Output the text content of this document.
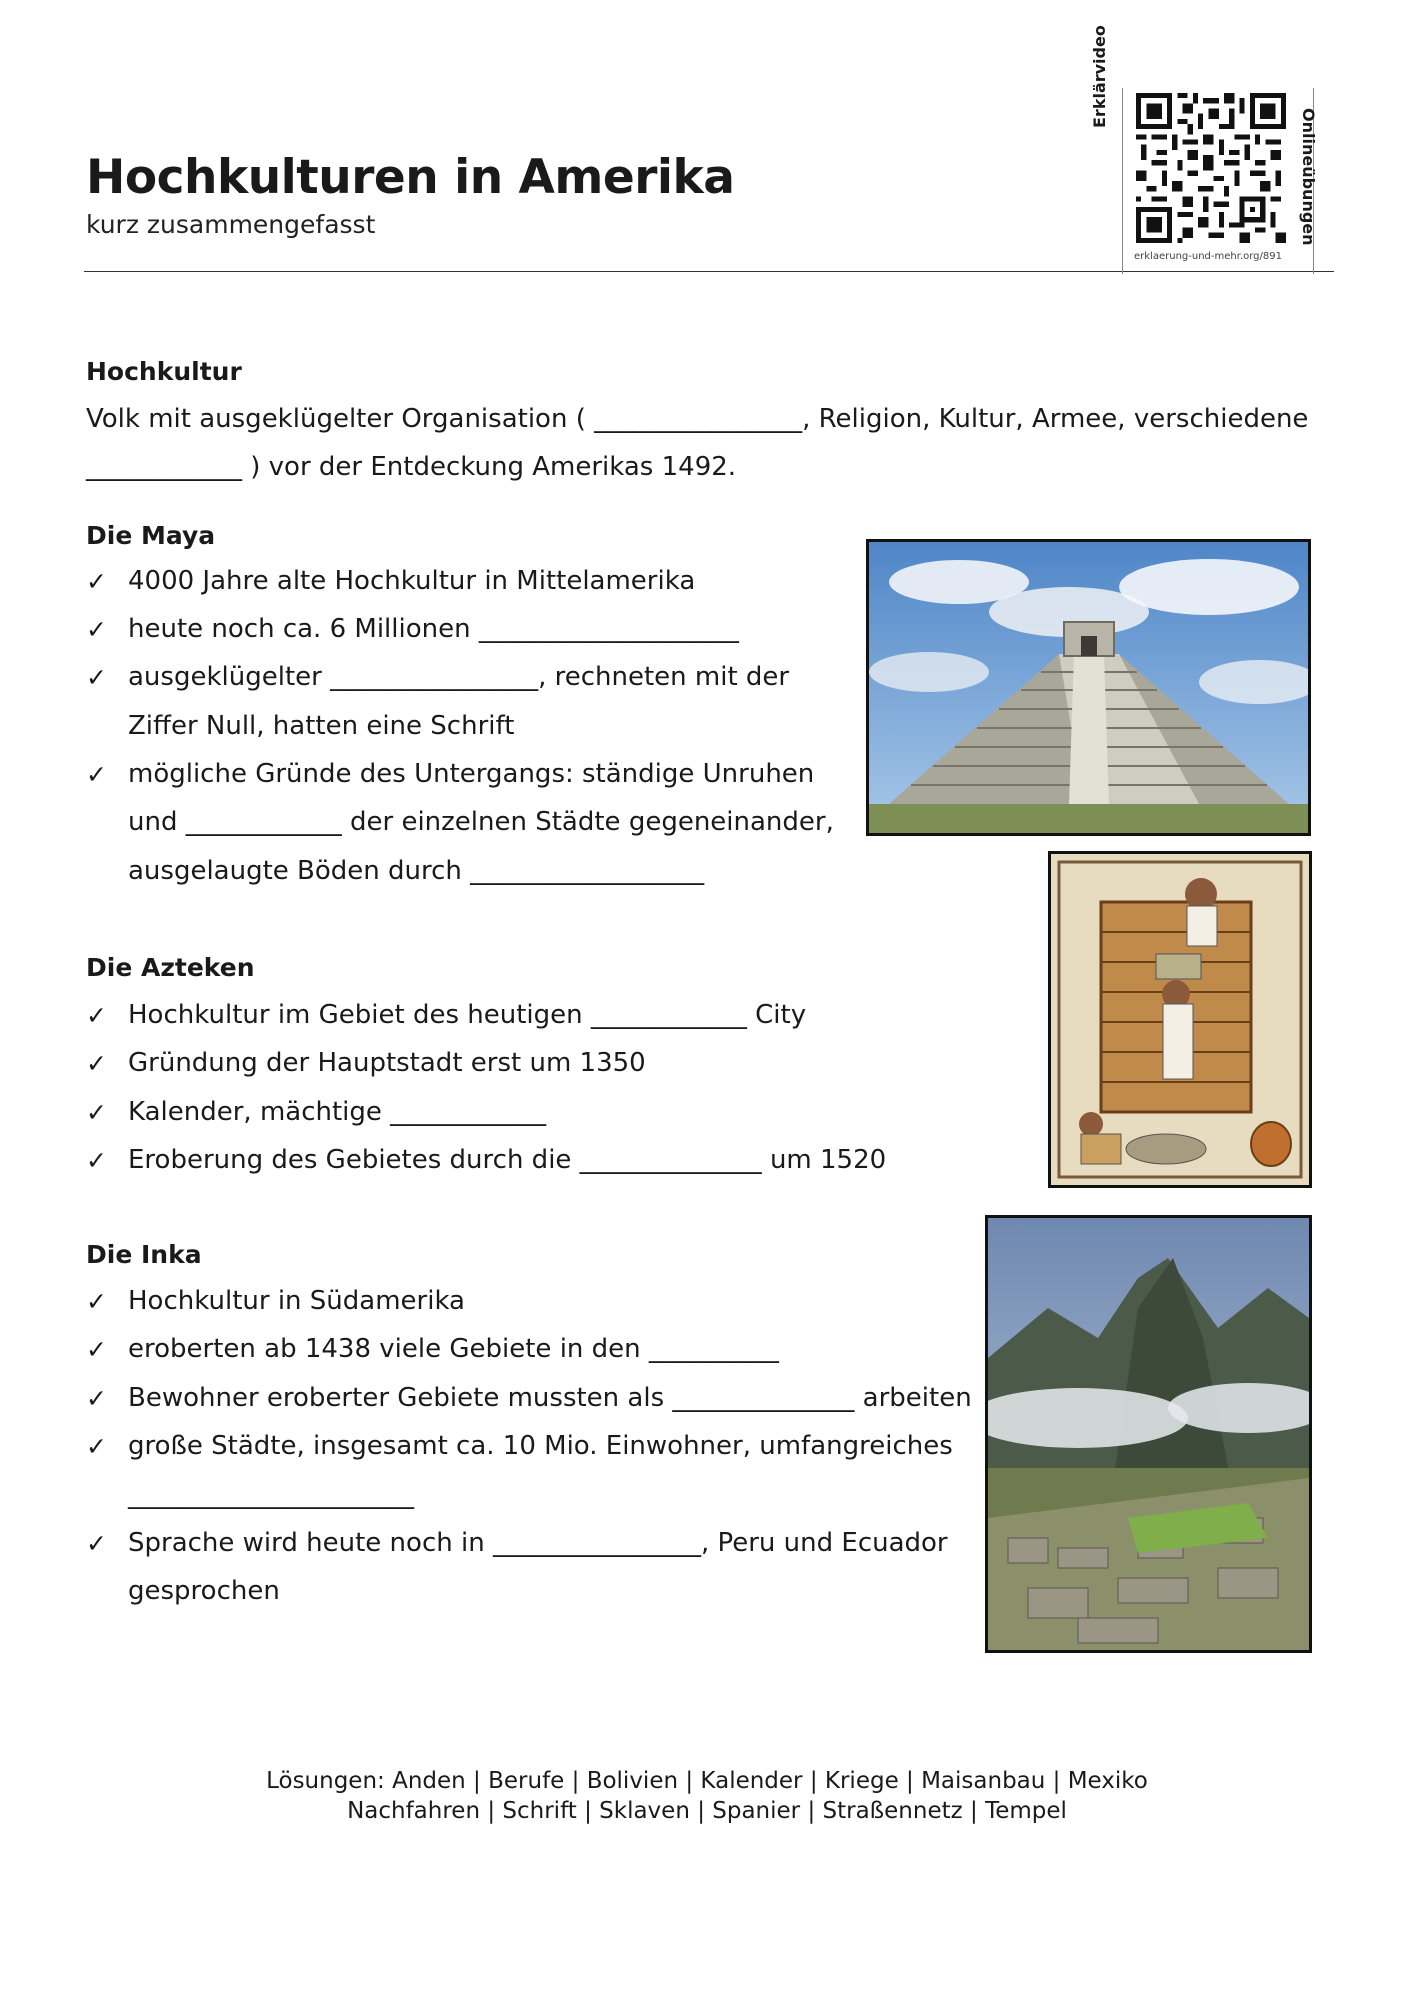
Hochkulturen in Amerika
kurz zusammengefasst
Erklärvideo
Onlineübungen
erklaerung-und-mehr.org/891
Hochkultur
Volk mit ausgeklügelter Organisation ( ________________, Religion, Kultur, Armee, verschiedene
____________ ) vor der Entdeckung Amerikas 1492.
Die Maya
✓ 4000 Jahre alte Hochkultur in Mittelamerika
✓ heute noch ca. 6 Millionen ____________________
✓ ausgeklügelter ________________, rechneten mit der
Ziffer Null, hatten eine Schrift
✓ mögliche Gründe des Untergangs: ständige Unruhen
und ____________ der einzelnen Städte gegeneinander,
ausgelaugte Böden durch __________________
Die Azteken
✓ Hochkultur im Gebiet des heutigen ____________ City
✓ Gründung der Hauptstadt erst um 1350
✓ Kalender, mächtige ____________
✓ Eroberung des Gebietes durch die ______________ um 1520
Die Inka
✓ Hochkultur in Südamerika
✓ eroberten ab 1438 viele Gebiete in den __________
✓ Bewohner eroberter Gebiete mussten als ______________ arbeiten
✓ große Städte, insgesamt ca. 10 Mio. Einwohner, umfangreiches
______________________
✓ Sprache wird heute noch in ________________, Peru und Ecuador
gesprochen
Lösungen: Anden | Berufe | Bolivien | Kalender | Kriege | Maisanbau | Mexiko
Nachfahren | Schrift | Sklaven | Spanier | Straßennetz | Tempel
